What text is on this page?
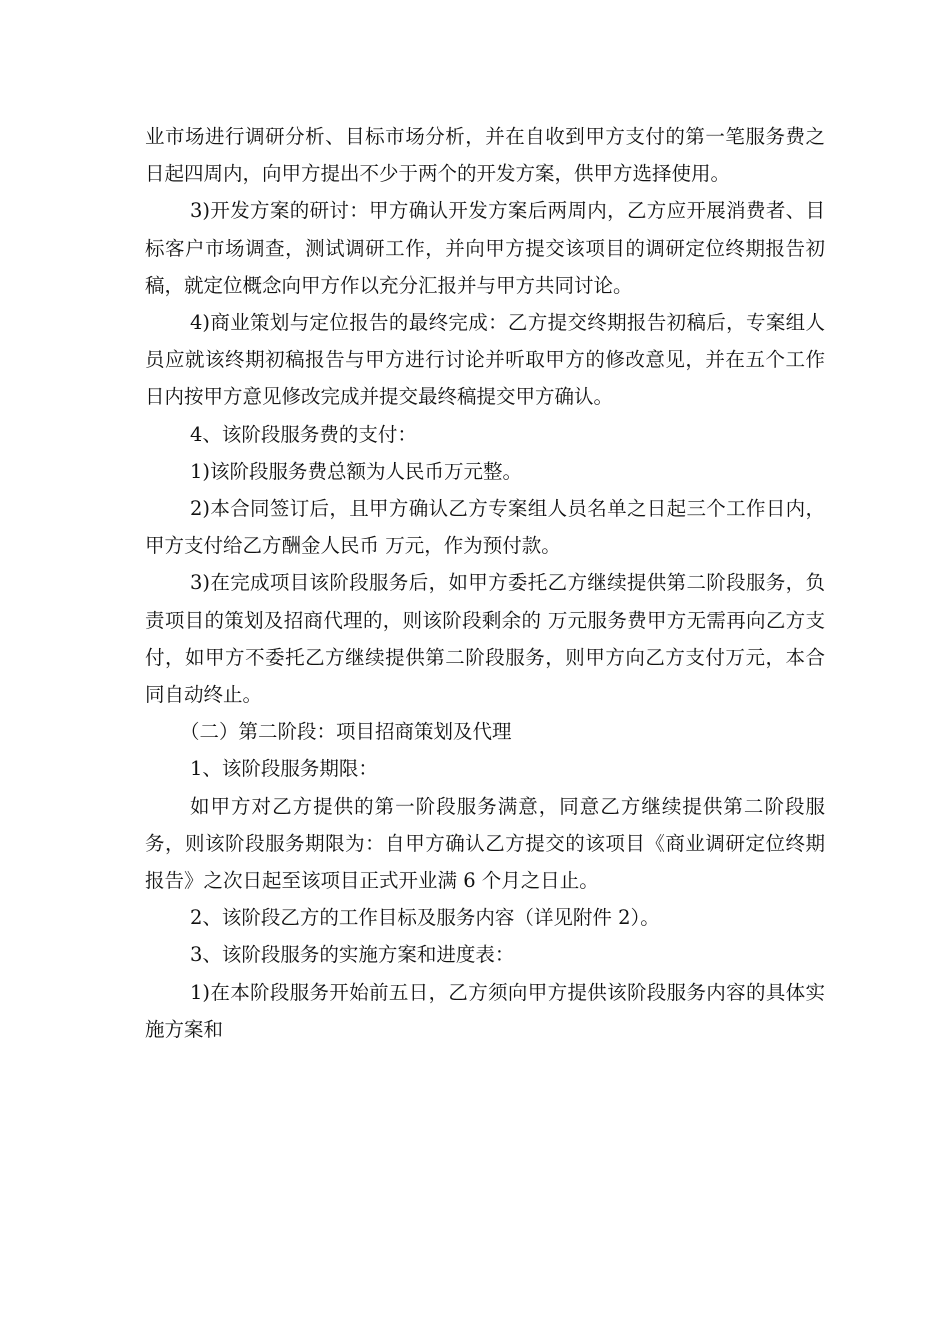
业市场进行调研分析、目标市场分析，并在自收到甲方支付的第一笔服务费之日起四周内，向甲方提出不少于两个的开发方案，供甲方选择使用。

3)开发方案的研讨：甲方确认开发方案后两周内，乙方应开展消费者、目标客户市场调查，测试调研工作，并向甲方提交该项目的调研定位终期报告初稿，就定位概念向甲方作以充分汇报并与甲方共同讨论。

4)商业策划与定位报告的最终完成：乙方提交终期报告初稿后，专案组人员应就该终期初稿报告与甲方进行讨论并听取甲方的修改意见，并在五个工作日内按甲方意见修改完成并提交最终稿提交甲方确认。

4、该阶段服务费的支付：

1)该阶段服务费总额为人民币万元整。

2)本合同签订后，且甲方确认乙方专案组人员名单之日起三个工作日内，甲方支付给乙方酬金人民币 万元，作为预付款。

3)在完成项目该阶段服务后，如甲方委托乙方继续提供第二阶段服务，负责项目的策划及招商代理的，则该阶段剩余的 万元服务费甲方无需再向乙方支付，如甲方不委托乙方继续提供第二阶段服务，则甲方向乙方支付万元，本合同自动终止。

（二）第二阶段：项目招商策划及代理

1、该阶段服务期限：

如甲方对乙方提供的第一阶段服务满意，同意乙方继续提供第二阶段服务，则该阶段服务期限为：自甲方确认乙方提交的该项目《商业调研定位终期报告》之次日起至该项目正式开业满 6 个月之日止。

2、该阶段乙方的工作目标及服务内容（详见附件 2）。

3、该阶段服务的实施方案和进度表：

1)在本阶段服务开始前五日，乙方须向甲方提供该阶段服务内容的具体实施方案和
